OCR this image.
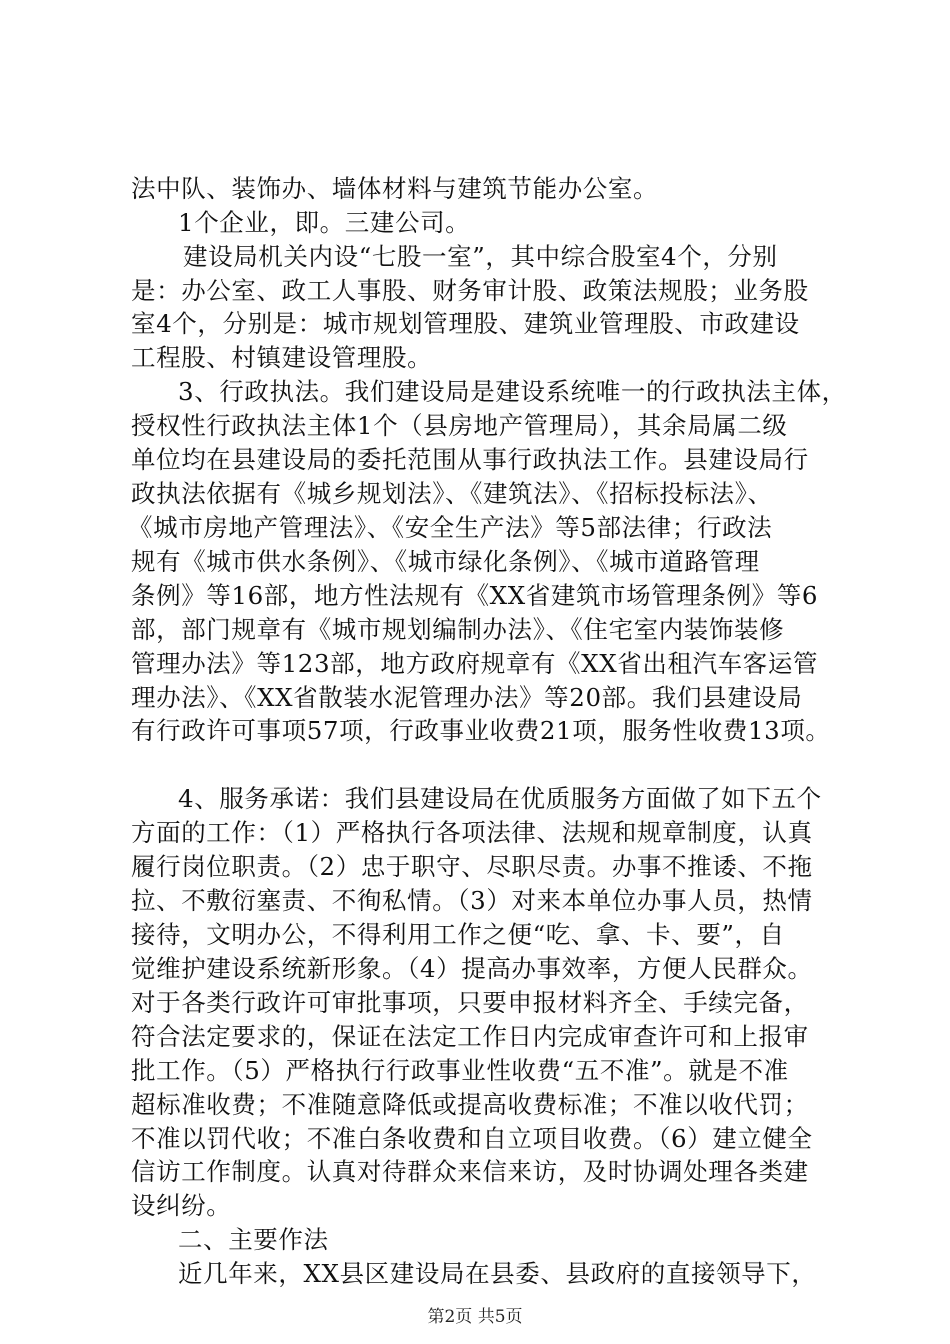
法中队、装饰办、墙体材料与建筑节能办公室。
1个企业，即。三建公司。
建设局机关内设“七股一室”，其中综合股室4个，分别
是：办公室、政工人事股、财务审计股、政策法规股；业务股
室4个，分别是：城市规划管理股、建筑业管理股、市政建设
工程股、村镇建设管理股。
3、行政执法。我们建设局是建设系统唯一的行政执法主体，
授权性行政执法主体1个（县房地产管理局），其余局属二级
单位均在县建设局的委托范围从事行政执法工作。县建设局行
政执法依据有《城乡规划法》、《建筑法》、《招标投标法》、
《城市房地产管理法》、《安全生产法》等5部法律；行政法
规有《城市供水条例》、《城市绿化条例》、《城市道路管理
条例》等16部，地方性法规有《XX省建筑市场管理条例》等6
部，部门规章有《城市规划编制办法》、《住宅室内装饰装修
管理办法》等123部，地方政府规章有《XX省出租汽车客运管
理办法》、《XX省散装水泥管理办法》等20部。我们县建设局
有行政许可事项57项，行政事业收费21项，服务性收费13项。
4、服务承诺：我们县建设局在优质服务方面做了如下五个
方面的工作：（1）严格执行各项法律、法规和规章制度，认真
履行岗位职责。（2）忠于职守、尽职尽责。办事不推诿、不拖
拉、不敷衍塞责、不徇私情。（3）对来本单位办事人员，热情
接待，文明办公，不得利用工作之便“吃、拿、卡、要”，自
觉维护建设系统新形象。（4）提高办事效率，方便人民群众。
对于各类行政许可审批事项，只要申报材料齐全、手续完备，
符合法定要求的，保证在法定工作日内完成审查许可和上报审
批工作。（5）严格执行行政事业性收费“五不准”。就是不准
超标准收费；不准随意降低或提高收费标准；不准以收代罚；
不准以罚代收；不准白条收费和自立项目收费。（6）建立健全
信访工作制度。认真对待群众来信来访，及时协调处理各类建
设纠纷。
二、主要作法
近几年来，XX县区建设局在县委、县政府的直接领导下，
第2页 共5页
